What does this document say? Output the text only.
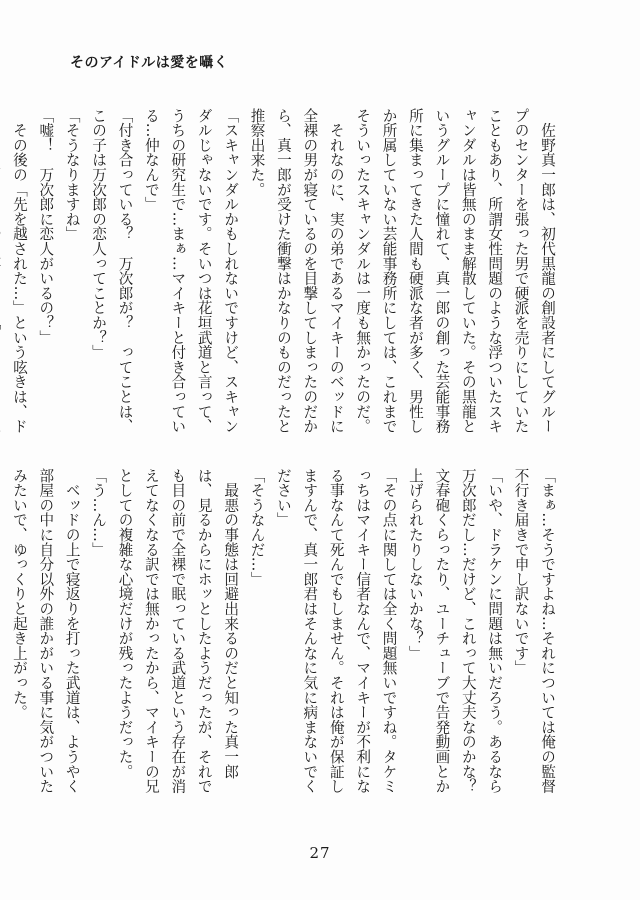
そのアイドルは愛を囁く

　佐野真一郎は、初代黒龍の創設者にしてグループのセンターを張った男で硬派を売りにしていたこともあり、所謂女性問題のような浮ついたスキャンダルは皆無のまま解散していた。その黒龍というグループに憧れて、真一郎の創った芸能事務所に集まってきた人間も硬派な者が多く、男性しか所属していない芸能事務所にしては、これまでそういったスキャンダルは一度も無かったのだ。

　それなのに、実の弟であるマイキーのベッドに全裸の男が寝ているのを目撃してしまったのだから、真一郎が受けた衝撃はかなりのものだったと推察出来た。

「スキャンダルかもしれないですけど、スキャンダルじゃないです。そいつは花垣武道と言って、うちの研究生で…まぁ…マイキーと付き合っている…仲なんで」

「付き合っている？　万次郎が？　ってことは、この子は万次郎の恋人ってことか？」

「そうなりますね」

「嘘！　万次郎に恋人がいるの？」

　その後の「先を越された…」という呟きは、ド

「まぁ…そうですよね…それについては俺の監督不行き届きで申し訳ないです」

「いや、ドラケンに問題は無いだろう。あるなら万次郎だし…だけど、これって大丈夫なのかな？　文春砲くらったり、ユーチューブで告発動画とか上げられたりしないかな？」

「その点に関しては全く問題無いですね。タケミっちはマイキー信者なんで、マイキーが不利になる事なんて死んでもしません。それは俺が保証しますんで、真一郎君はそんなに気に病まないでください」

「そうなんだ…」

　最悪の事態は回避出来るのだと知った真一郎は、見るからにホッとしたようだったが、それでも目の前で全裸で眠っている武道という存在が消えてなくなる訳では無かったから、マイキーの兄としての複雑な心境だけが残ったようだった。

「う…ん…」

　ベッドの上で寝返りを打った武道は、ようやく部屋の中に自分以外の誰かがいる事に気がついたみたいで、ゆっくりと起き上がった。

27
